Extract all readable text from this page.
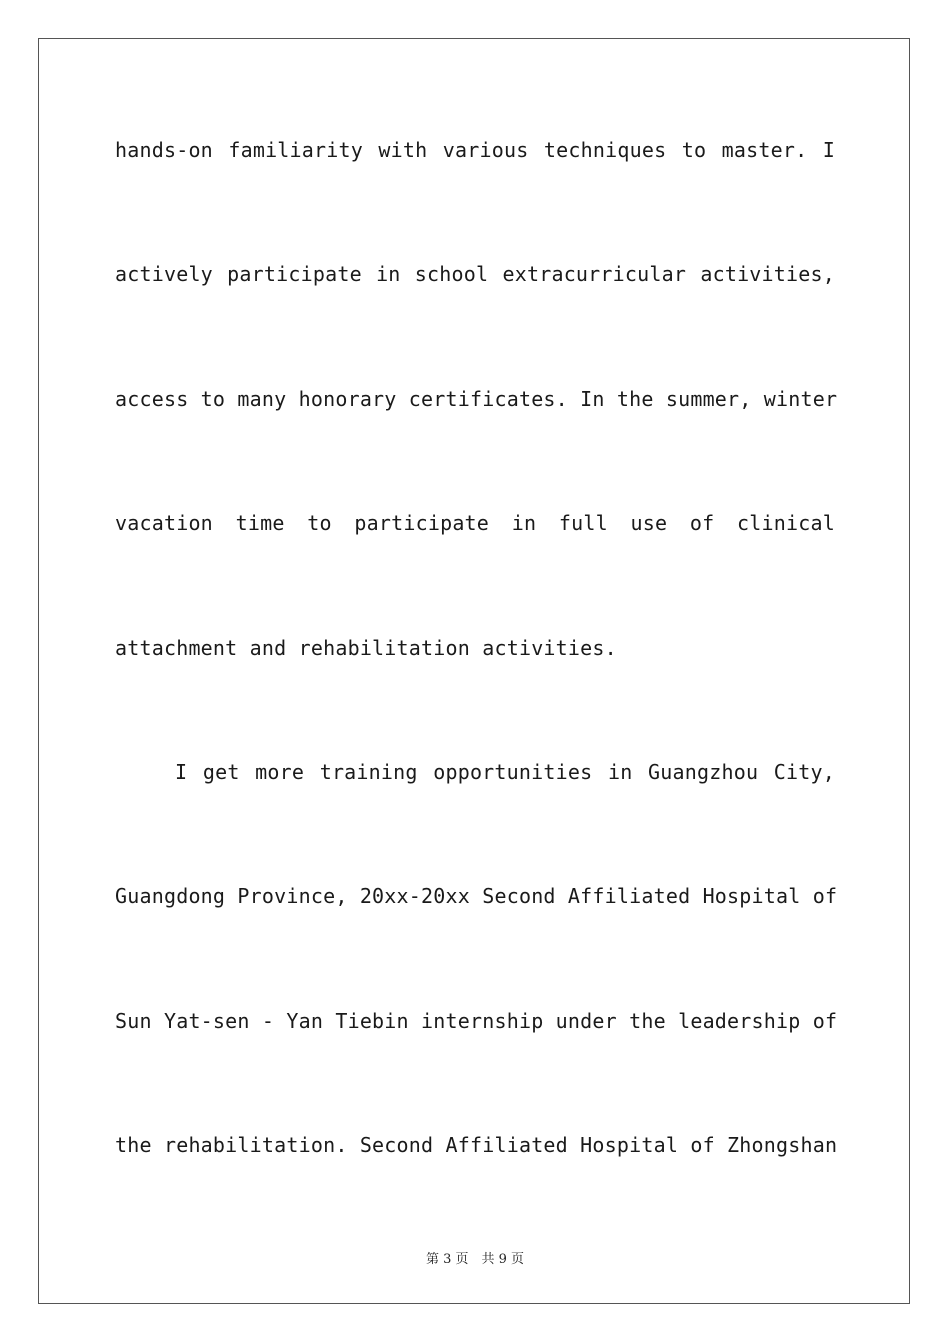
hands-on familiarity with various techniques to master. I
actively participate in school extracurricular activities,
access to many honorary certificates. In the summer, winter
vacation time to participate in full use of clinical
attachment and rehabilitation activities.
I get more training opportunities in Guangzhou City,
Guangdong Province, 20xx-20xx Second Affiliated Hospital of
Sun Yat-sen - Yan Tiebin internship under the leadership of
the rehabilitation. Second Affiliated Hospital of Zhongshan
第 3 页　共 9 页
